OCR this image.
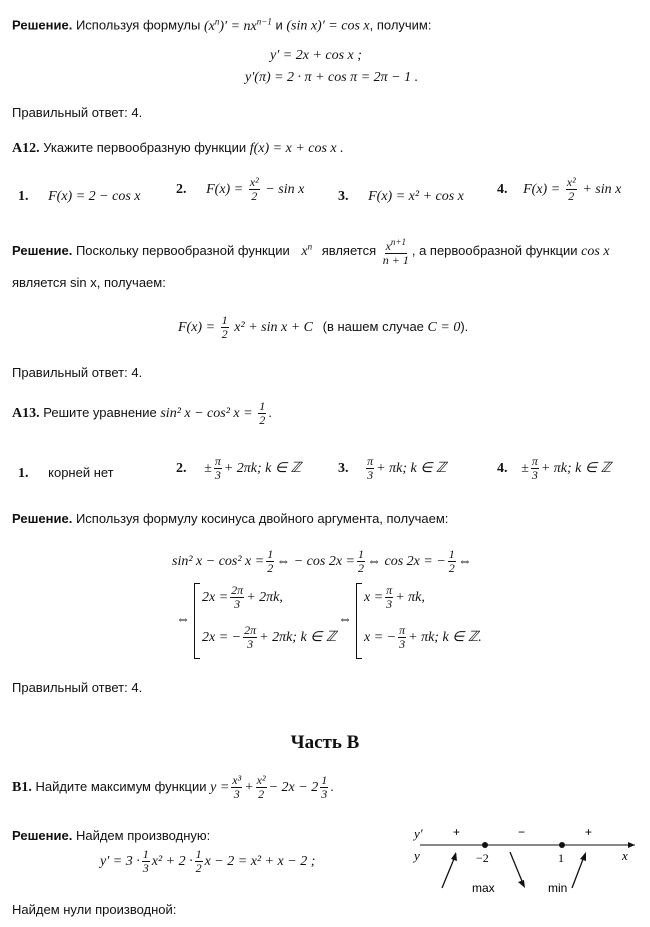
Решение. Используя формулы $(x^n)' = nx^{n-1}$ и (sin x)′ = cos x, получим:
y′ = 2x + cos x ;
y′(π) = 2 · π + cos π = 2π − 1 .
Правильный ответ: 4.
A12. Укажите первообразную функции f(x) = x + cos x .
1. F(x) = 2 − cos x	2. $F(x) = \frac{\text{x²}}{2} - \sin x$ 3. F(x) = x² + cos x 4. $F(x) = \frac{\text{x²}}{2} + \sin x$
Решение. Поскольку первообразной функции $x^n$ является $\frac{x^{n+1}}{n + 1}$ , а первообразной функции cos x
является sin x, получаем:
$F(x) = \frac{1}{2} x^2 + \sin x + C$ (в нашем случае C = 0).
Правильный ответ: 4.
A13. Решите уравнение sin² x − cos² $x = \frac{1}{2}$ .
1. корней нет	2. ± $\frac{\pi}{3} + 2\pi k$; k ∈ ℤ	3. $\frac{\pi}{3} + \pi k$; k ∈ ℤ	4. ± $\frac{\pi}{3} + \pi k$; k ∈ ℤ
Решение. Используя формулу косинуса двойного аргумента, получаем:
sin² x − cos² $x = \frac{1}{2}$ ⇔ − $\cos 2x = \frac{1}{2}$ ⇔ cos 2x = − $\frac{1}{2}$ ⇔
⇔
$2x = \frac{2\pi}{3} + 2\pi k$,
2x = − $\frac{2\pi}{3} + 2\pi k$; k ∈ ℤ
⇔
$x = \frac{\pi}{3} + \pi k$,
x = − $\frac{\pi}{3} + \pi k$; k ∈ ℤ.
Правильный ответ: 4.
Часть B
B1. Найдите максимум функции $y = \frac{\text{x³}}{3} + \frac{\text{x²}}{2} - 2x - 2 \frac{1}{3}$ .
Решение. Найдем производную:
$y' = 3 \cdot \frac{1}{3} x^2 + 2 \cdot \frac{1}{2}$ x − 2 = x² + x − 2 ;
Найдем нули производной:
y′
y	x
+	−	+
−2	1
max	min
